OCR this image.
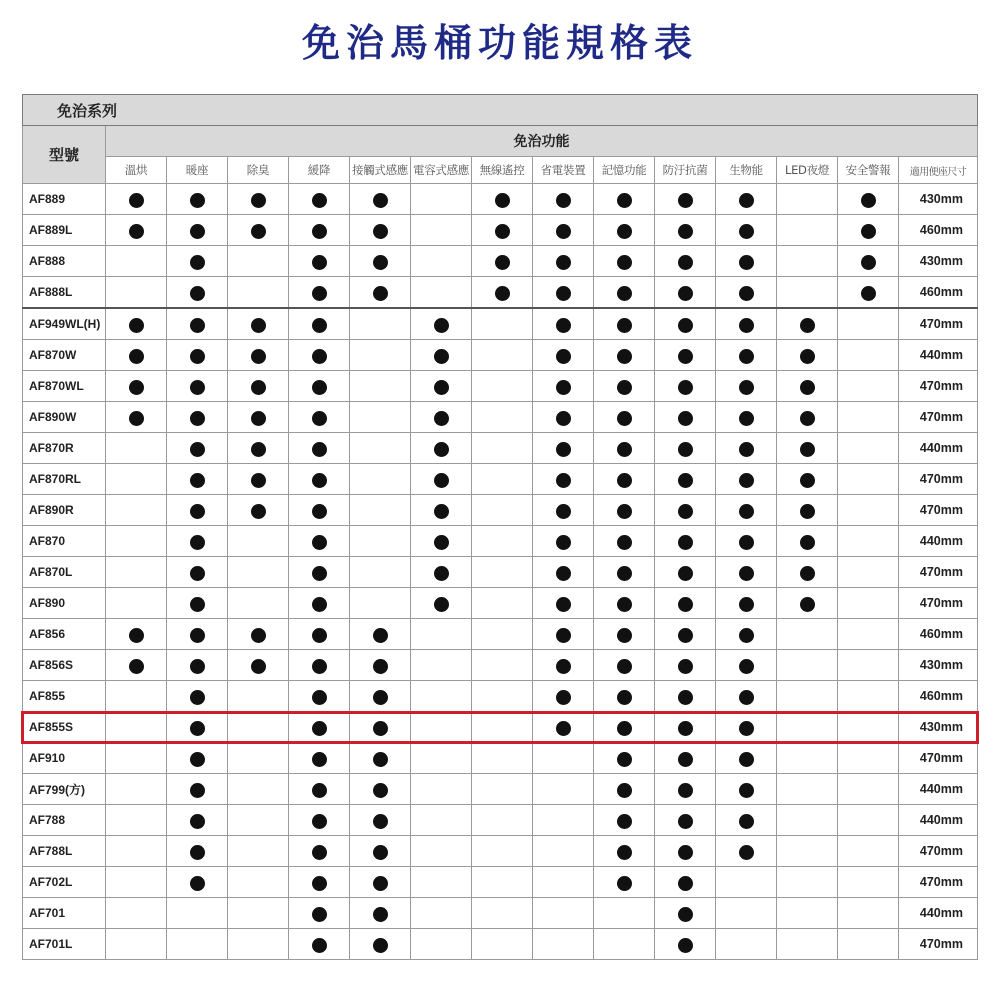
免治馬桶功能規格表
免治系列														
型號	免治功能													
	溫烘	暖座	除臭	緩降	接觸式感應	電容式感應	無線遙控	省電裝置	記憶功能	防汙抗菌	生物能	LED夜燈	安全警報	適用便座尺寸
AF889														430mm
AF889L														460mm
AF888														430mm
AF888L														460mm
AF949WL(H)														470mm
AF870W														440mm
AF870WL														470mm
AF890W														470mm
AF870R														440mm
AF870RL														470mm
AF890R														470mm
AF870														440mm
AF870L														470mm
AF890														470mm
AF856														460mm
AF856S														430mm
AF855														460mm
AF855S														430mm
AF910														470mm
AF799(方)														440mm
AF788														440mm
AF788L														470mm
AF702L														470mm
AF701														440mm
AF701L														470mm
